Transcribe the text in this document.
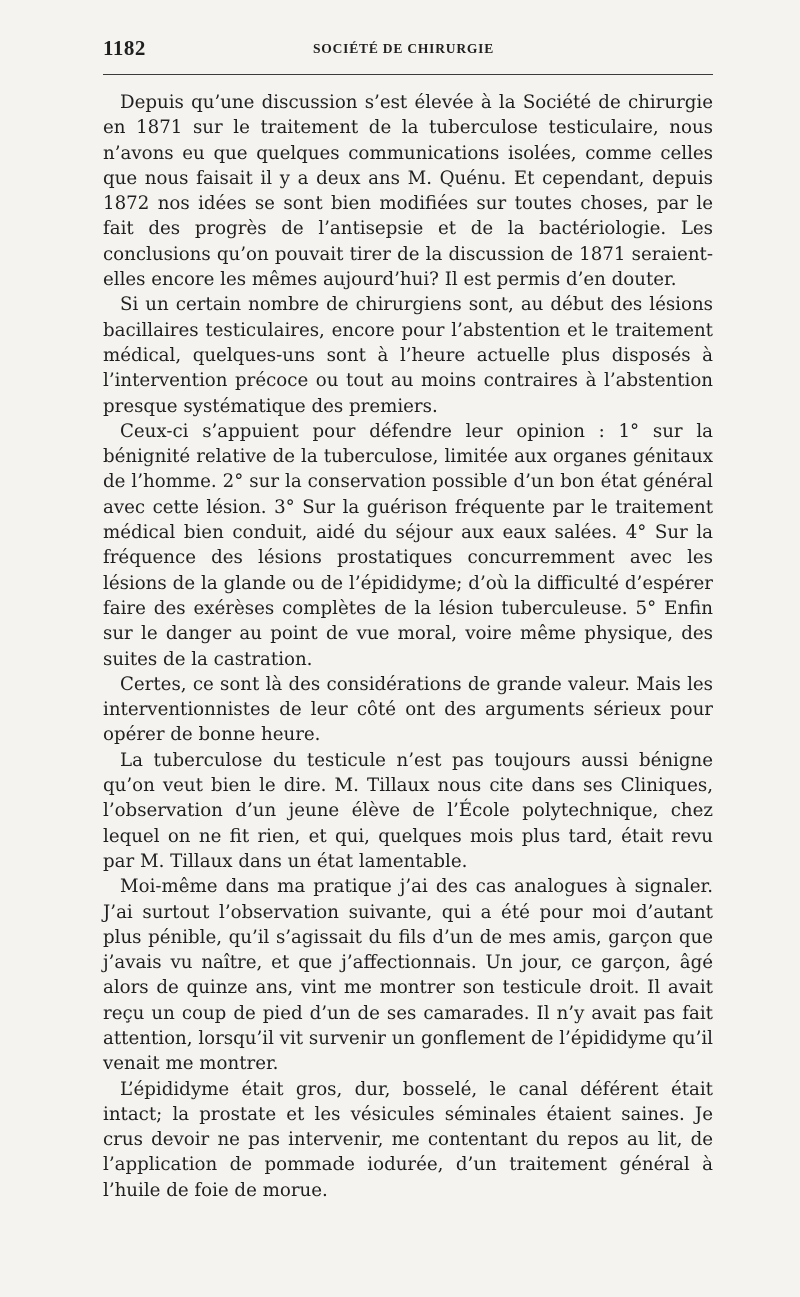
1182	SOCIÉTÉ DE CHIRURGIE

Depuis qu’une discussion s’est élevée à la Société de chirurgie en 1871 sur le traitement de la tuberculose testiculaire, nous n’avons eu que quelques communications isolées, comme celles que nous faisait il y a deux ans M. Quénu. Et cependant, depuis 1872 nos idées se sont bien modifiées sur toutes choses, par le fait des progrès de l’antisepsie et de la bactériologie. Les conclusions qu’on pouvait tirer de la discussion de 1871 seraient-elles encore les mêmes aujourd’hui? Il est permis d’en douter.

Si un certain nombre de chirurgiens sont, au début des lésions bacillaires testiculaires, encore pour l’abstention et le traitement médical, quelques-uns sont à l’heure actuelle plus disposés à l’intervention précoce ou tout au moins contraires à l’abstention presque systématique des premiers.

Ceux-ci s’appuient pour défendre leur opinion : 1° sur la bénignité relative de la tuberculose, limitée aux organes génitaux de l’homme. 2° sur la conservation possible d’un bon état général avec cette lésion. 3° Sur la guérison fréquente par le traitement médical bien conduit, aidé du séjour aux eaux salées. 4° Sur la fréquence des lésions prostatiques concurremment avec les lésions de la glande ou de l’épididyme; d’où la difficulté d’espérer faire des exérèses complètes de la lésion tuberculeuse. 5° Enfin sur le danger au point de vue moral, voire même physique, des suites de la castration.

Certes, ce sont là des considérations de grande valeur. Mais les interventionnistes de leur côté ont des arguments sérieux pour opérer de bonne heure.

La tuberculose du testicule n’est pas toujours aussi bénigne qu’on veut bien le dire. M. Tillaux nous cite dans ses Cliniques, l’observation d’un jeune élève de l’École polytechnique, chez lequel on ne fit rien, et qui, quelques mois plus tard, était revu par M. Tillaux dans un état lamentable.

Moi-même dans ma pratique j’ai des cas analogues à signaler. J’ai surtout l’observation suivante, qui a été pour moi d’autant plus pénible, qu’il s’agissait du fils d’un de mes amis, garçon que j’avais vu naître, et que j’affectionnais. Un jour, ce garçon, âgé alors de quinze ans, vint me montrer son testicule droit. Il avait reçu un coup de pied d’un de ses camarades. Il n’y avait pas fait attention, lorsqu’il vit survenir un gonflement de l’épididyme qu’il venait me montrer.

L’épididyme était gros, dur, bosselé, le canal déférent était intact; la prostate et les vésicules séminales étaient saines. Je crus devoir ne pas intervenir, me contentant du repos au lit, de l’application de pommade iodurée, d’un traitement général à l’huile de foie de morue.
